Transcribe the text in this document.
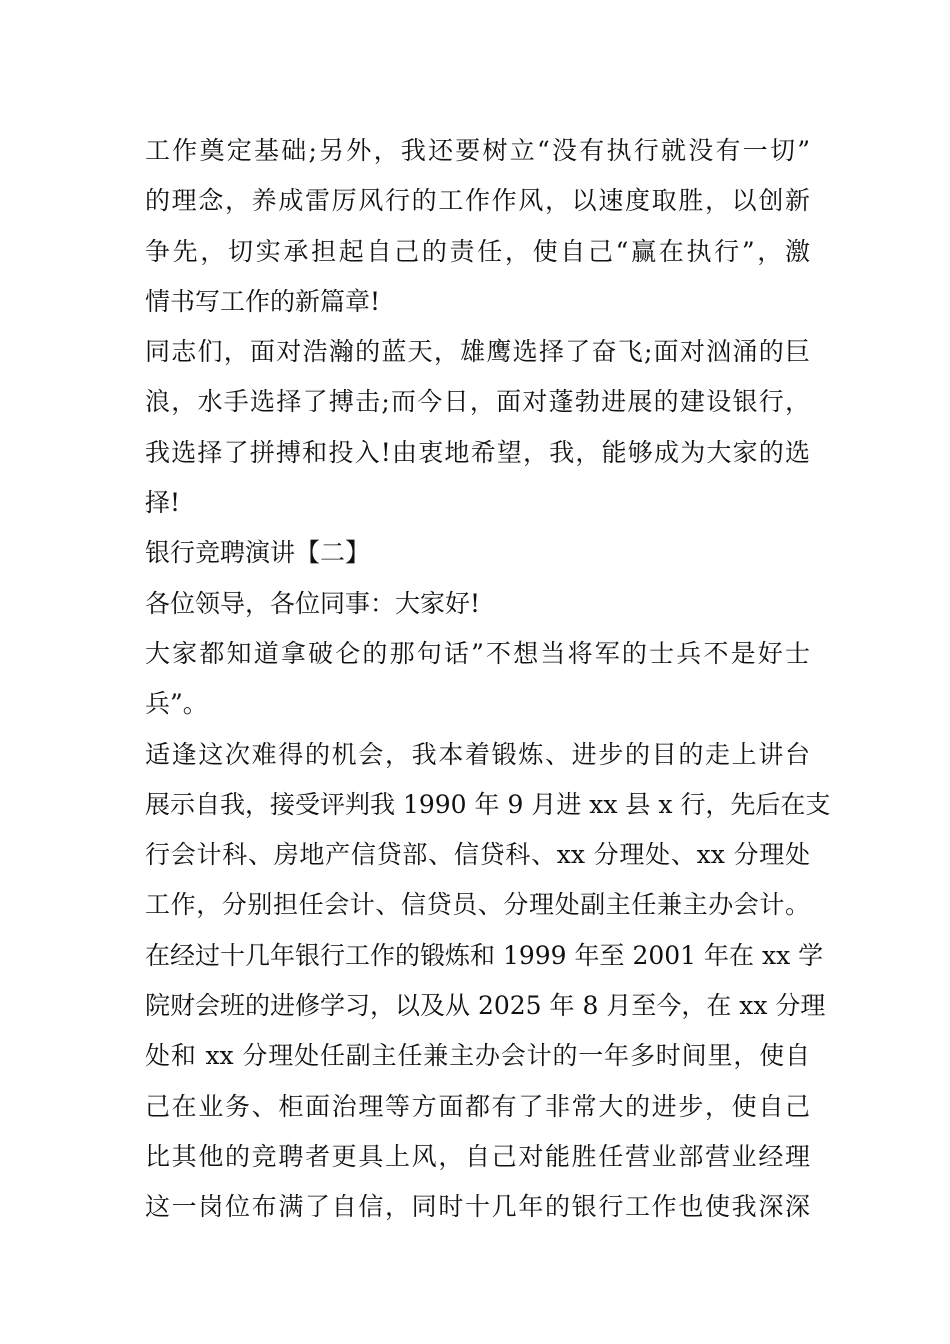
工作奠定基础;另外，我还要树立“没有执行就没有一切”
的理念，养成雷厉风行的工作作风，以速度取胜，以创新
争先，切实承担起自己的责任，使自己“赢在执行”，激
情书写工作的新篇章!
同志们，面对浩瀚的蓝天，雄鹰选择了奋飞;面对汹涌的巨
浪，水手选择了搏击;而今日，面对蓬勃进展的建设银行，
我选择了拼搏和投入!由衷地希望，我，能够成为大家的选
择!
银行竞聘演讲【二】
各位领导，各位同事：大家好!
大家都知道拿破仑的那句话”不想当将军的士兵不是好士
兵”。
适逢这次难得的机会，我本着锻炼、进步的目的走上讲台
展示自我，接受评判我 1990 年 9 月进 xx 县 x 行，先后在支
行会计科、房地产信贷部、信贷科、xx 分理处、xx 分理处
工作，分别担任会计、信贷员、分理处副主任兼主办会计。
在经过十几年银行工作的锻炼和 1999 年至 2001 年在 xx 学
院财会班的进修学习，以及从 2025 年 8 月至今，在 xx 分理
处和 xx 分理处任副主任兼主办会计的一年多时间里，使自
己在业务、柜面治理等方面都有了非常大的进步，使自己
比其他的竞聘者更具上风，自己对能胜任营业部营业经理
这一岗位布满了自信，同时十几年的银行工作也使我深深
